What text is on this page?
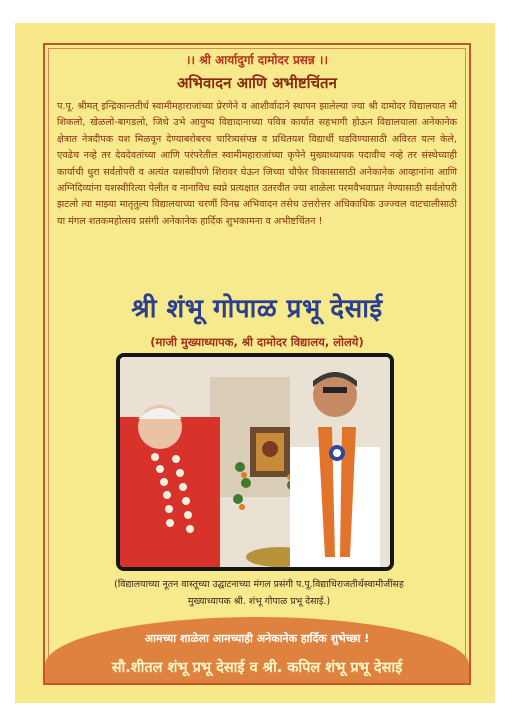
।। श्री आर्यादुर्गा दामोदर प्रसन्न ।।
अभिवादन आणि अभीष्टचिंतन
प.पू. श्रीमत् इन्द्रिकान्ततीर्थ स्वामीमहाराजांच्या प्रेरणेने व आशीर्वादाने स्थापन झालेल्या ज्या श्री दामोदर विद्यालयात मी शिकलो, खेळलो-बागडलो, जिथे उभे आयुष्य विद्यादानाच्या पवित्र कार्यात सहभागी होऊन विद्यालयाला अनेकानेक क्षेत्रात नेत्रदीपक यश मिळवून देण्याबरोबरच चारित्र्यसंपन्न व प्रथितयश विद्यार्थी घडविण्यासाठी अविरत यत्न केले, एवढेच नव्हे तर देवदेवतांच्या आणि परंपरेतील स्वामीमहाराजांच्या कृपेने मुख्याध्यापक पदावीच नव्हे तर संस्थेच्याही कार्याची धुरा सर्वतोपरी व अत्यंत यशस्वीपणे शिरावर घेऊन जिच्या चौफेर विकासासाठी अनेकानेक आव्हानांना आणि अग्निदिव्यांना यशस्वीरित्या पेलीत व नानाविध स्वप्ने प्रत्यक्षात उतरवीत ज्या शाळेला परमवैभवाप्रत नेण्यासाठी सर्वतोपरी झटलो त्या माझ्या मातृतुल्य विद्यालयाच्या चरणीं विनम्र अभिवादन तसेच उत्तरोत्तर अधिकाधिक उज्ज्वल वाटचालीसाठी या मंगल शतकमहोत्सव प्रसंगी अनेकानेक हार्दिक शुभकामना व अभीष्टचिंतन !
श्री शंभू गोपाळ प्रभू देसाई
(माजी मुख्याध्यापक, श्री दामोदर विद्यालय, लोलये)
(विद्यालयाच्या नूतन वास्तूच्या उद्घाटनाच्या मंगल प्रसंगी प.पू.विद्याधिराजतीर्थस्वामीजींसह
मुख्याध्यापक श्री. शंभू गोपाळ प्रभू देसाई.)
आमच्या शाळेला आमच्याही अनेकानेक हार्दिक शुभेच्छा !
सौ.शीतल शंभू प्रभू देसाई व श्री. कपिल शंभू प्रभू देसाई
